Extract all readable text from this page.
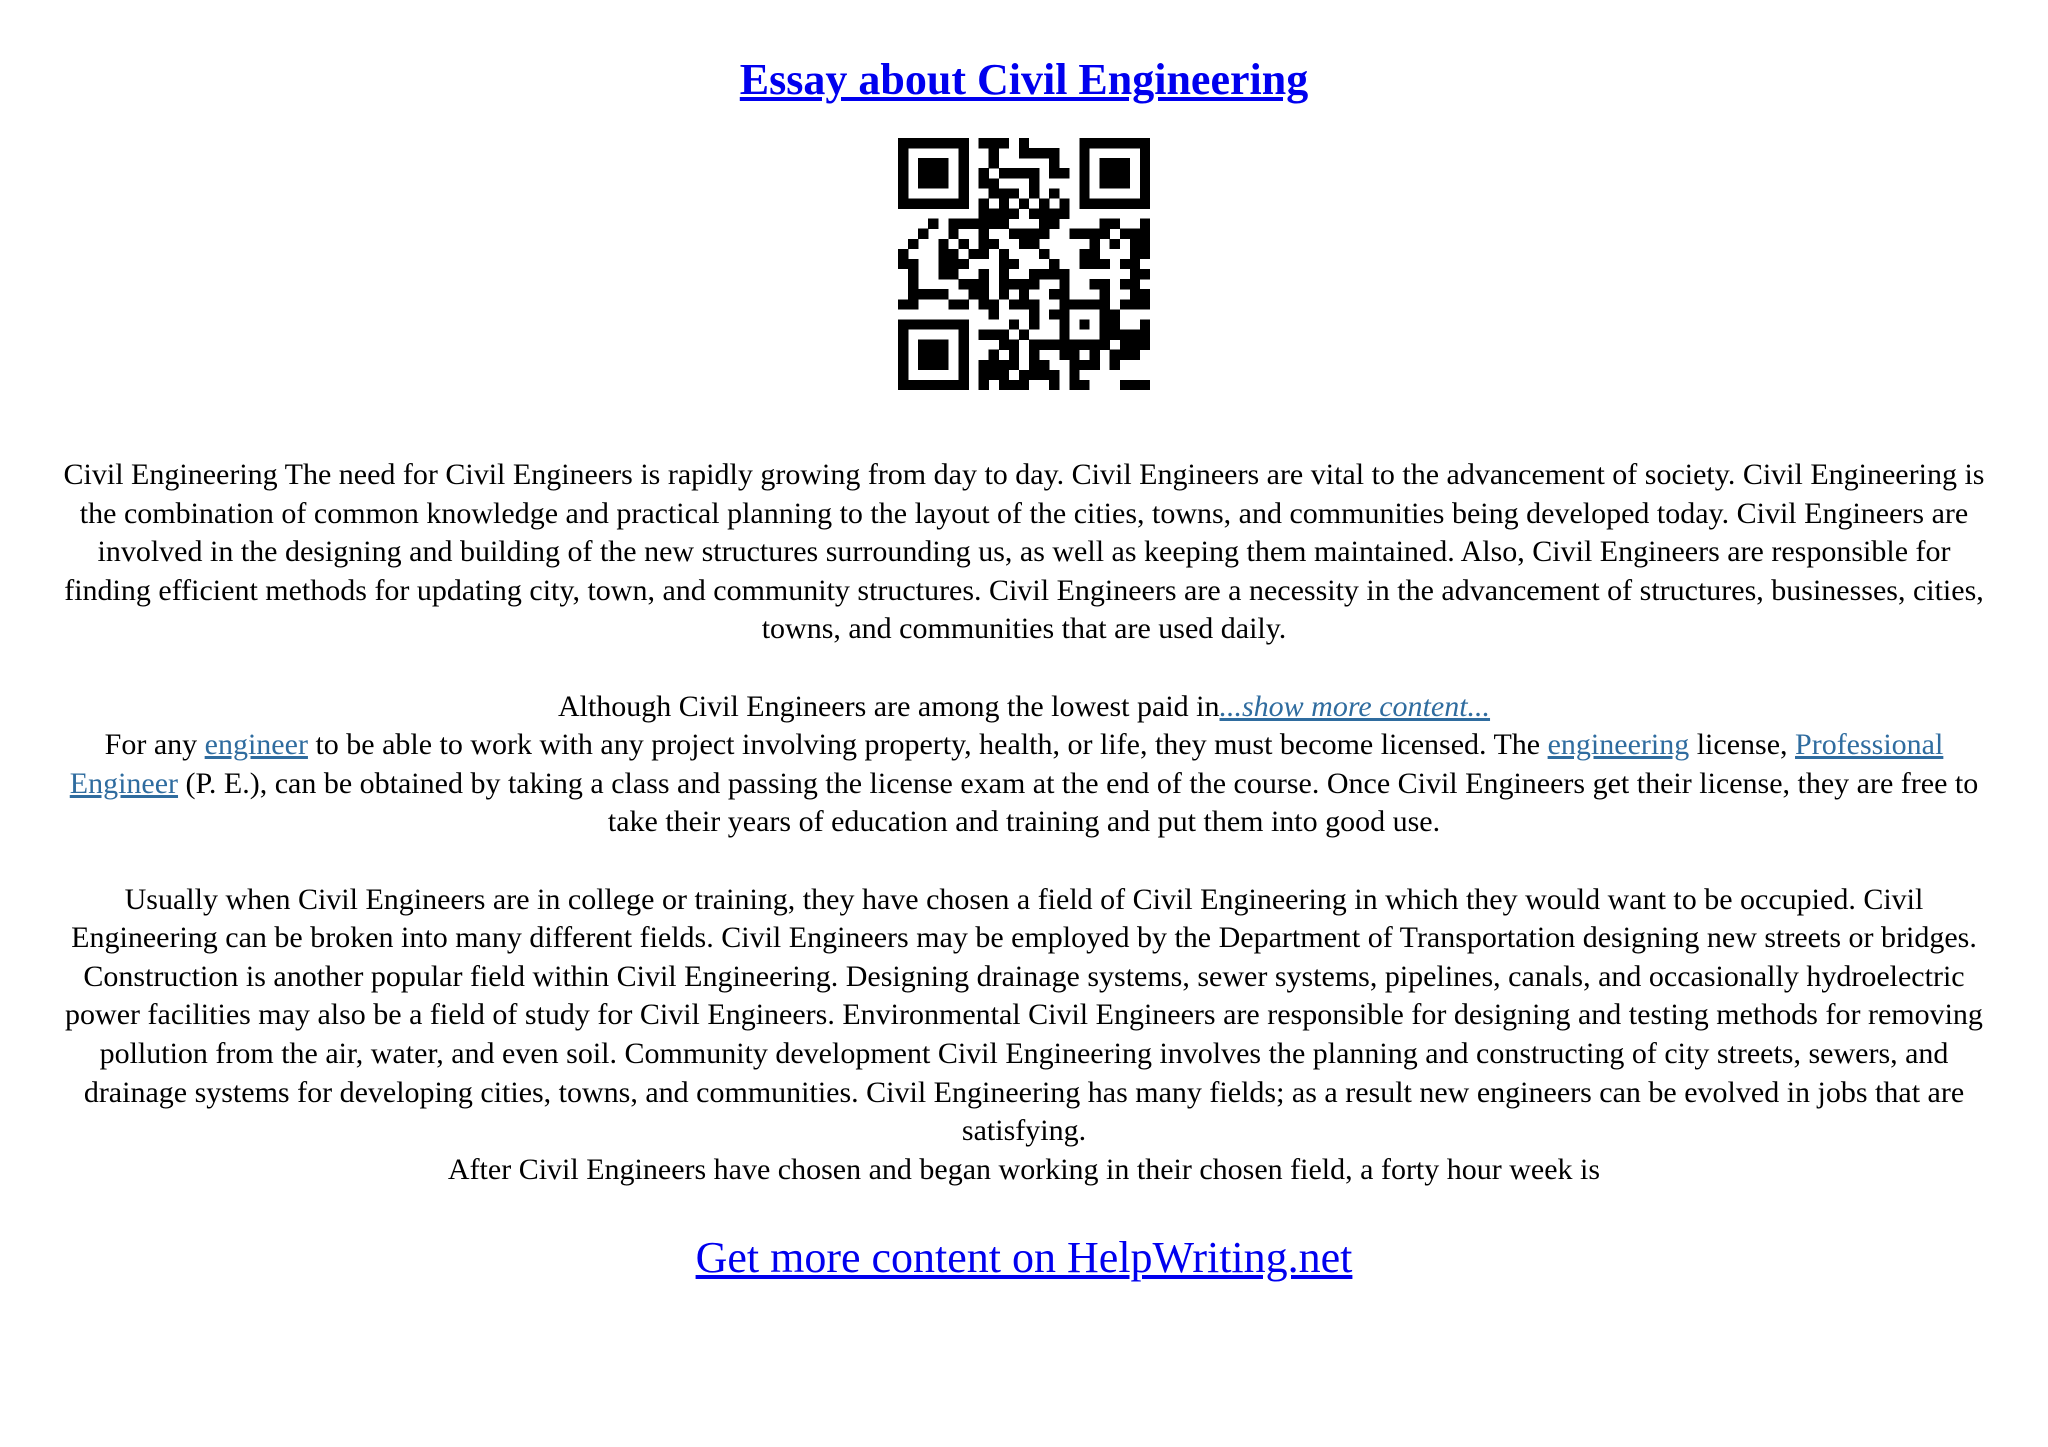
Essay about Civil Engineering

Civil Engineering The need for Civil Engineers is rapidly growing from day to day. Civil Engineers are vital to the advancement of society. Civil Engineering is the combination of common knowledge and practical planning to the layout of the cities, towns, and communities being developed today. Civil Engineers are involved in the designing and building of the new structures surrounding us, as well as keeping them maintained. Also, Civil Engineers are responsible for finding efficient methods for updating city, town, and community structures. Civil Engineers are a necessity in the advancement of structures, businesses, cities, towns, and communities that are used daily.

Although Civil Engineers are among the lowest paid in...show more content...

For any engineer to be able to work with any project involving property, health, or life, they must become licensed. The engineering license, Professional Engineer (P. E.), can be obtained by taking a class and passing the license exam at the end of the course. Once Civil Engineers get their license, they are free to take their years of education and training and put them into good use.

Usually when Civil Engineers are in college or training, they have chosen a field of Civil Engineering in which they would want to be occupied. Civil Engineering can be broken into many different fields. Civil Engineers may be employed by the Department of Transportation designing new streets or bridges. Construction is another popular field within Civil Engineering. Designing drainage systems, sewer systems, pipelines, canals, and occasionally hydroelectric power facilities may also be a field of study for Civil Engineers. Environmental Civil Engineers are responsible for designing and testing methods for removing pollution from the air, water, and even soil. Community development Civil Engineering involves the planning and constructing of city streets, sewers, and drainage systems for developing cities, towns, and communities. Civil Engineering has many fields; as a result new engineers can be evolved in jobs that are satisfying.

After Civil Engineers have chosen and began working in their chosen field, a forty hour week is

Get more content on HelpWriting.net
